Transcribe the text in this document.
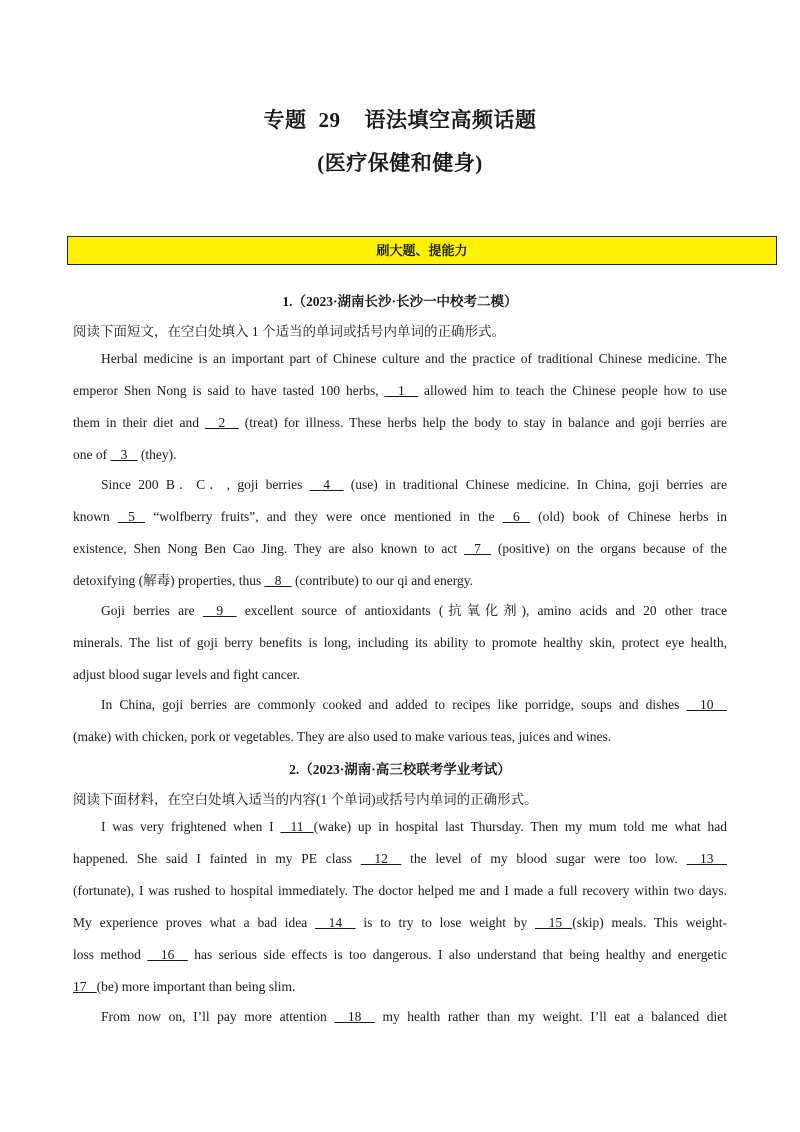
专题 29 语法填空高频话题
(医疗保健和健身)
刷大题、提能力
1.（2023·湖南长沙·长沙一中校考二模）
阅读下面短文，在空白处填入 1 个适当的单词或括号内单词的正确形式。
Herbal medicine is an important part of Chinese culture and the practice of traditional Chinese medicine. The
emperor Shen Nong is said to have tasted 100 herbs, 1 allowed him to teach the Chinese people how to use
them in their diet and 2 (treat) for illness. These herbs help the body to stay in balance and goji berries are
one of 3 (they).
Since 200 B．C．, goji berries 4 (use) in traditional Chinese medicine. In China, goji berries are
known 5 “wolfberry fruits”, and they were once mentioned in the 6 (old) book of Chinese herbs in
existence, Shen Nong Ben Cao Jing. They are also known to act 7 (positive) on the organs because of the
detoxifying (解毒) properties, thus 8 (contribute) to our qi and energy.
Goji berries are 9 excellent source of antioxidants (抗氧化剂), amino acids and 20 other trace
minerals. The list of goji berry benefits is long, including its ability to promote healthy skin, protect eye health,
adjust blood sugar levels and fight cancer.
In China, goji berries are commonly cooked and added to recipes like porridge, soups and dishes 10
(make) with chicken, pork or vegetables. They are also used to make various teas, juices and wines.
2.（2023·湖南·高三校联考学业考试）
阅读下面材料，在空白处填入适当的内容(1 个单词)或括号内单词的正确形式。
I was very frightened when I 11 (wake) up in hospital last Thursday. Then my mum told me what had
happened. She said I fainted in my PE class 12 the level of my blood sugar were too low. 13
(fortunate), I was rushed to hospital immediately. The doctor helped me and I made a full recovery within two days.
My experience proves what a bad idea 14 is to try to lose weight by 15 (skip) meals. This weight-
loss method 16 has serious side effects is too dangerous. I also understand that being healthy and energetic
17 (be) more important than being slim.
From now on, I’ll pay more attention 18 my health rather than my weight. I’ll eat a balanced diet
